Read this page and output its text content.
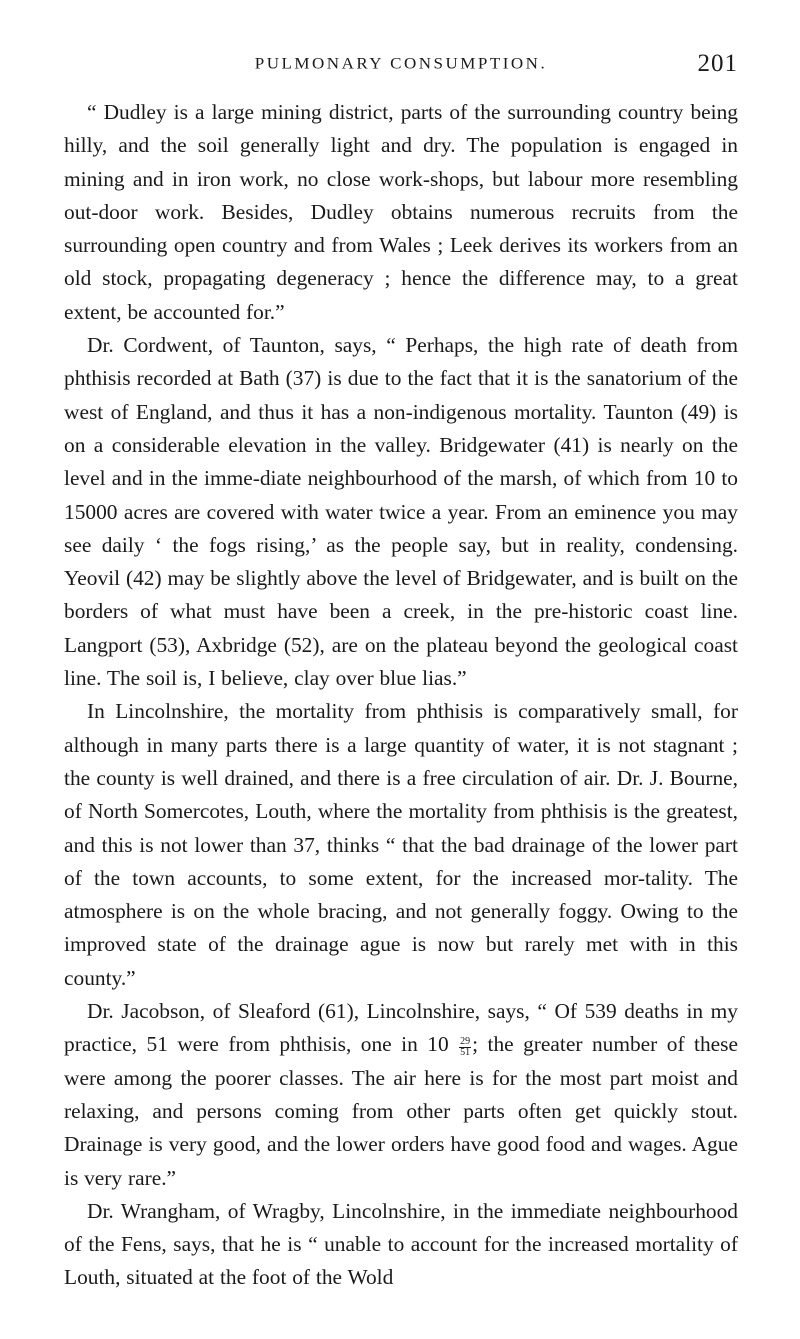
PULMONARY CONSUMPTION.	201

“ Dudley is a large mining district, parts of the surrounding country being hilly, and the soil generally light and dry. The population is engaged in mining and in iron work, no close work-shops, but labour more resembling out-door work. Besides, Dudley obtains numerous recruits from the surrounding open country and from Wales ; Leek derives its workers from an old stock, propagating degeneracy ; hence the difference may, to a great extent, be accounted for.”

Dr. Cordwent, of Taunton, says, “ Perhaps, the high rate of death from phthisis recorded at Bath (37) is due to the fact that it is the sanatorium of the west of England, and thus it has a non-indigenous mortality. Taunton (49) is on a considerable elevation in the valley. Bridgewater (41) is nearly on the level and in the imme-diate neighbourhood of the marsh, of which from 10 to 15000 acres are covered with water twice a year. From an eminence you may see daily ‘ the fogs rising,’ as the people say, but in reality, condensing. Yeovil (42) may be slightly above the level of Bridgewater, and is built on the borders of what must have been a creek, in the pre-historic coast line. Langport (53), Axbridge (52), are on the plateau beyond the geological coast line. The soil is, I believe, clay over blue lias.”

In Lincolnshire, the mortality from phthisis is comparatively small, for although in many parts there is a large quantity of water, it is not stagnant ; the county is well drained, and there is a free circulation of air. Dr. J. Bourne, of North Somercotes, Louth, where the mortality from phthisis is the greatest, and this is not lower than 37, thinks “ that the bad drainage of the lower part of the town accounts, to some extent, for the increased mor-tality. The atmosphere is on the whole bracing, and not generally foggy. Owing to the improved state of the drainage ague is now but rarely met with in this county.”

Dr. Jacobson, of Sleaford (61), Lincolnshire, says, “ Of 539 deaths in my practice, 51 were from phthisis, one in $10 \frac{29}{51}$ ; the greater number of these were among the poorer classes. The air here is for the most part moist and relaxing, and persons coming from other parts often get quickly stout. Drainage is very good, and the lower orders have good food and wages. Ague is very rare.”

Dr. Wrangham, of Wragby, Lincolnshire, in the immediate neighbourhood of the Fens, says, that he is “ unable to account for the increased mortality of Louth, situated at the foot of the Wold
